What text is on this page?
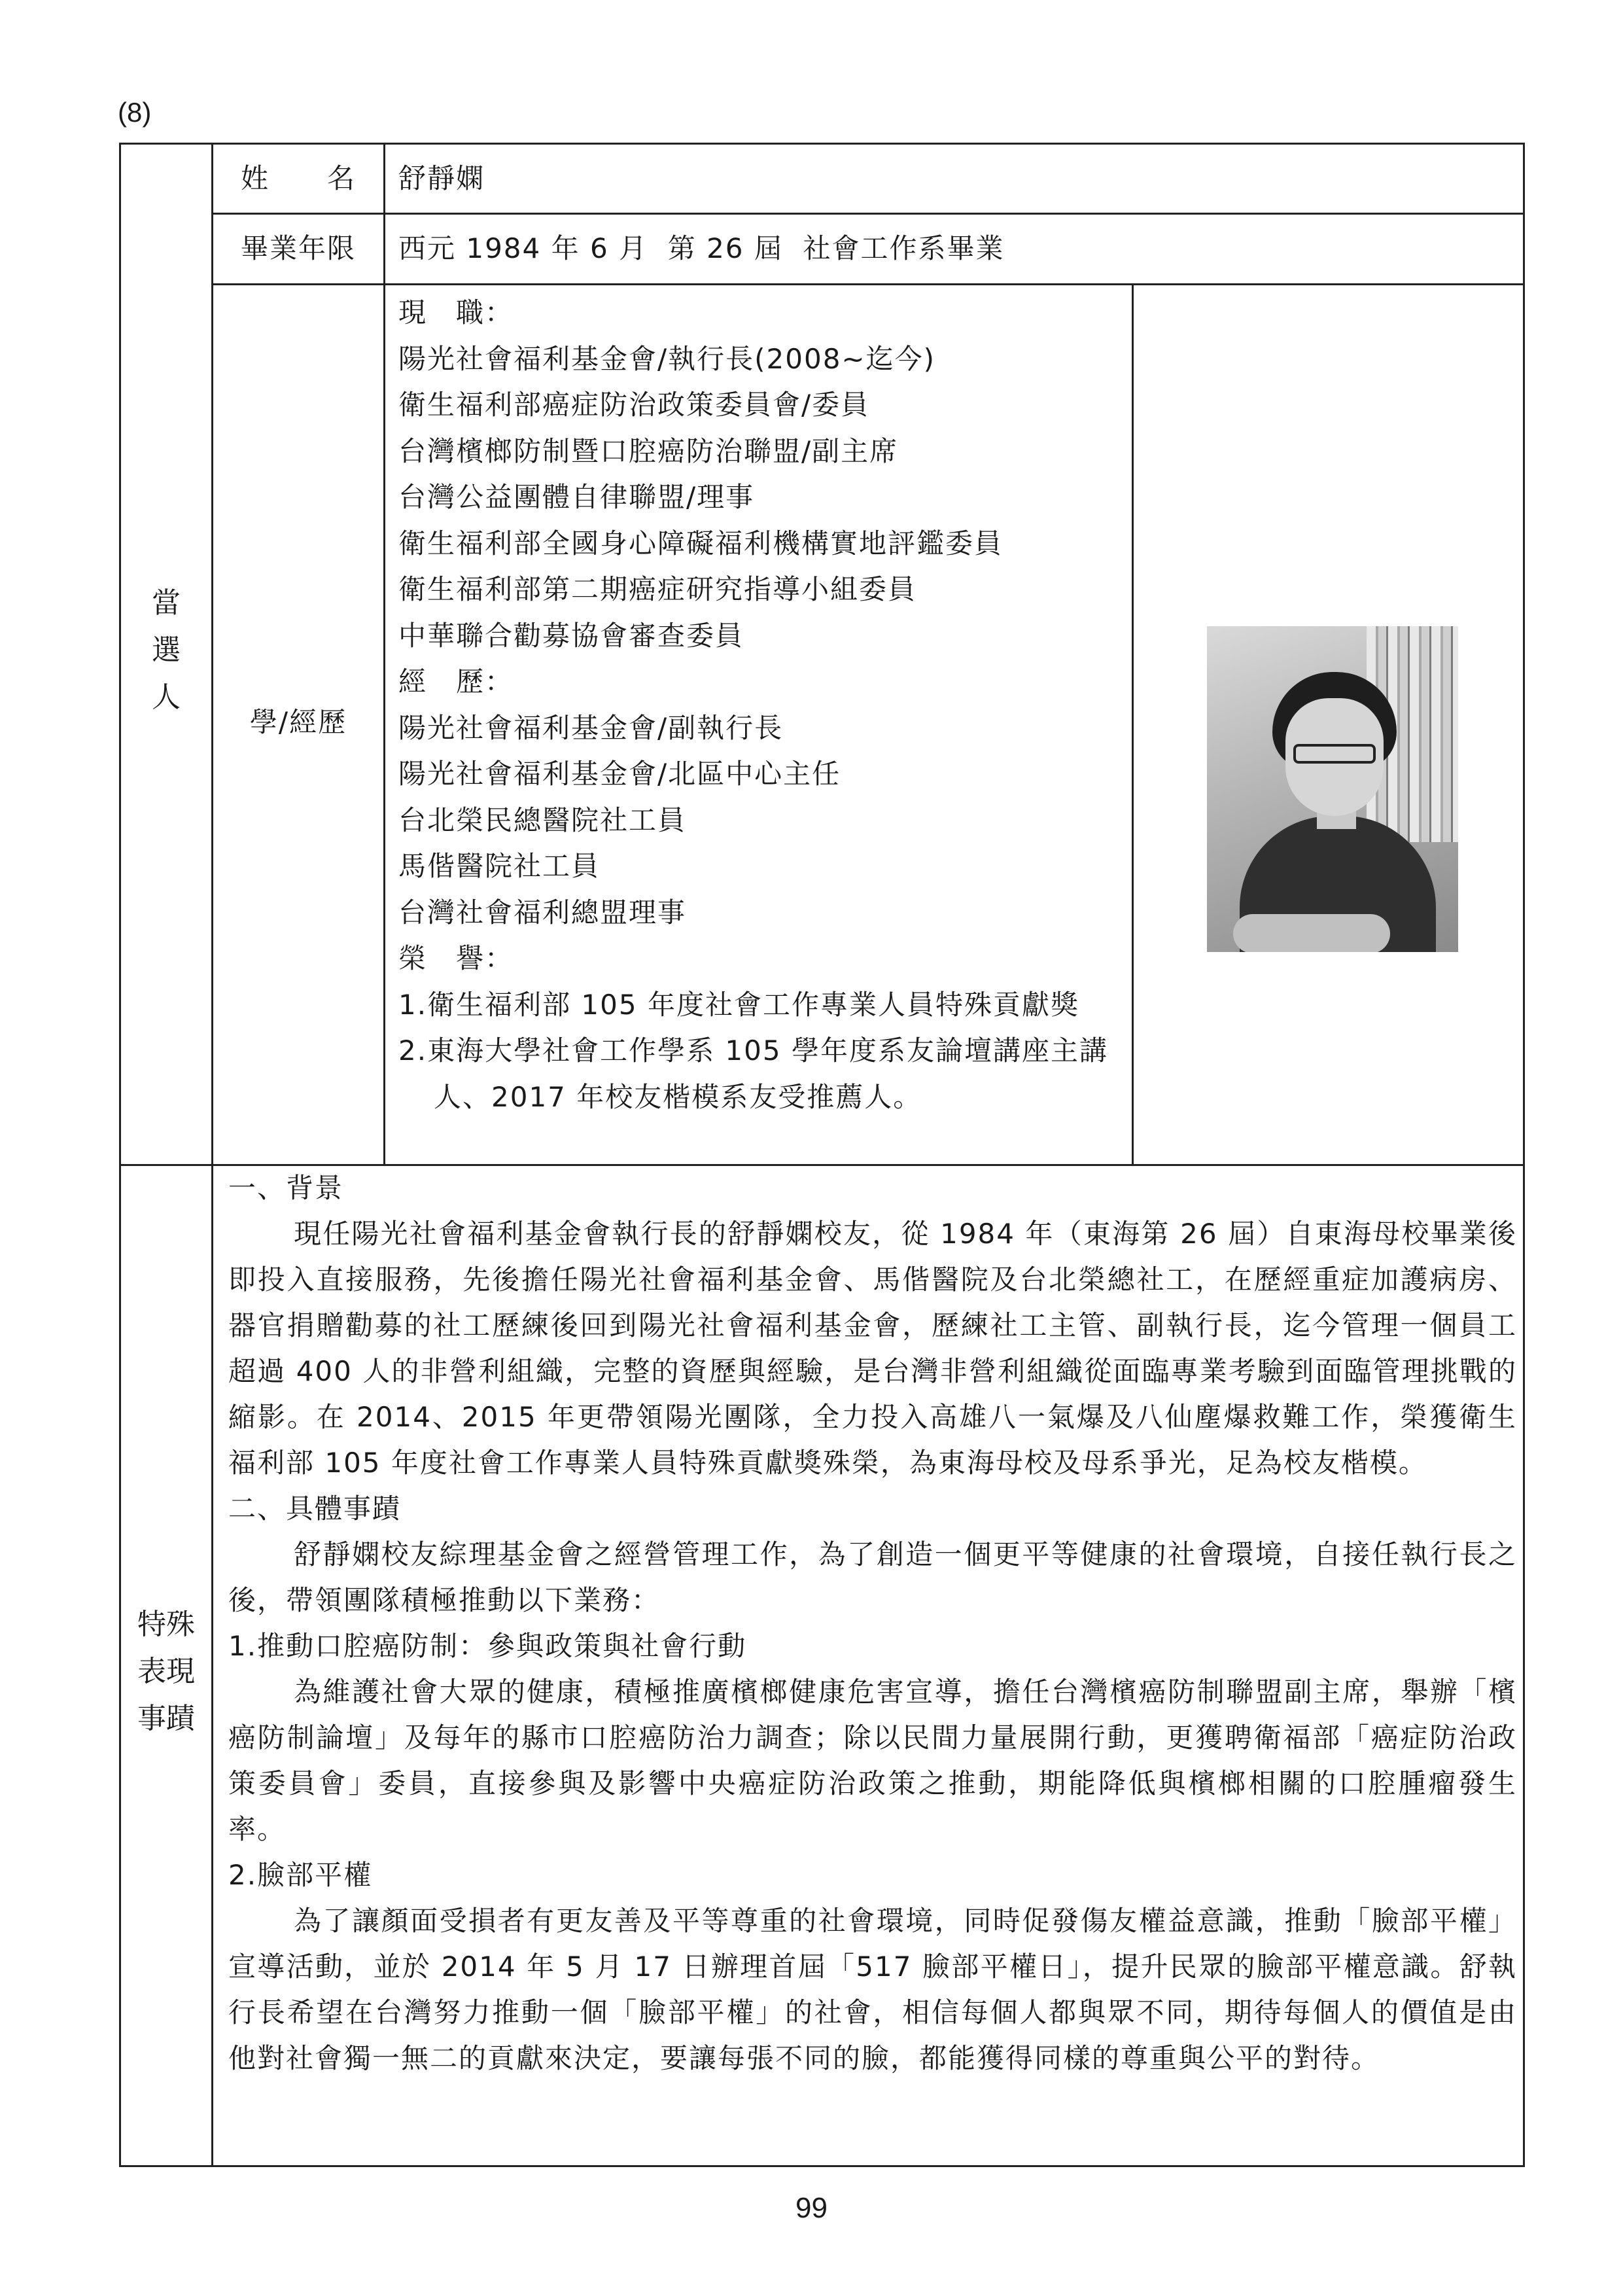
(8)
當
選
人
特殊
表現
事蹟
姓　　名	舒靜嫻
畢業年限	西元 1984 年 6 月  第 26 屆  社會工作系畢業
學/經歷
現　職：
陽光社會福利基金會/執行長(2008~迄今)
衛生福利部癌症防治政策委員會/委員
台灣檳榔防制暨口腔癌防治聯盟/副主席
台灣公益團體自律聯盟/理事
衛生福利部全國身心障礙福利機構實地評鑑委員
衛生福利部第二期癌症研究指導小組委員
中華聯合勸募協會審查委員
經　歷：
陽光社會福利基金會/副執行長
陽光社會福利基金會/北區中心主任
台北榮民總醫院社工員
馬偕醫院社工員
台灣社會福利總盟理事
榮　譽：
1.衛生福利部 105 年度社會工作專業人員特殊貢獻獎
2.東海大學社會工作學系 105 學年度系友論壇講座主講人、2017 年校友楷模系友受推薦人。
一、背景
現任陽光社會福利基金會執行長的舒靜嫻校友，從 1984 年（東海第 26 屆）自東海母校畢業後即投入直接服務，先後擔任陽光社會福利基金會、馬偕醫院及台北榮總社工，在歷經重症加護病房、器官捐贈勸募的社工歷練後回到陽光社會福利基金會，歷練社工主管、副執行長，迄今管理一個員工超過 400 人的非營利組織，完整的資歷與經驗，是台灣非營利組織從面臨專業考驗到面臨管理挑戰的縮影。在 2014、2015 年更帶領陽光團隊，全力投入高雄八一氣爆及八仙塵爆救難工作，榮獲衛生福利部 105 年度社會工作專業人員特殊貢獻獎殊榮，為東海母校及母系爭光，足為校友楷模。
二、具體事蹟
舒靜嫻校友綜理基金會之經營管理工作，為了創造一個更平等健康的社會環境，自接任執行長之後，帶領團隊積極推動以下業務：
1.推動口腔癌防制：參與政策與社會行動
為維護社會大眾的健康，積極推廣檳榔健康危害宣導，擔任台灣檳癌防制聯盟副主席，舉辦「檳癌防制論壇」及每年的縣市口腔癌防治力調查；除以民間力量展開行動，更獲聘衛福部「癌症防治政策委員會」委員，直接參與及影響中央癌症防治政策之推動，期能降低與檳榔相關的口腔腫瘤發生率。
2.臉部平權
為了讓顏面受損者有更友善及平等尊重的社會環境，同時促發傷友權益意識，推動「臉部平權」宣導活動，並於 2014 年 5 月 17 日辦理首屆「517 臉部平權日」，提升民眾的臉部平權意識。舒執行長希望在台灣努力推動一個「臉部平權」的社會，相信每個人都與眾不同，期待每個人的價值是由他對社會獨一無二的貢獻來決定，要讓每張不同的臉，都能獲得同樣的尊重與公平的對待。
99
